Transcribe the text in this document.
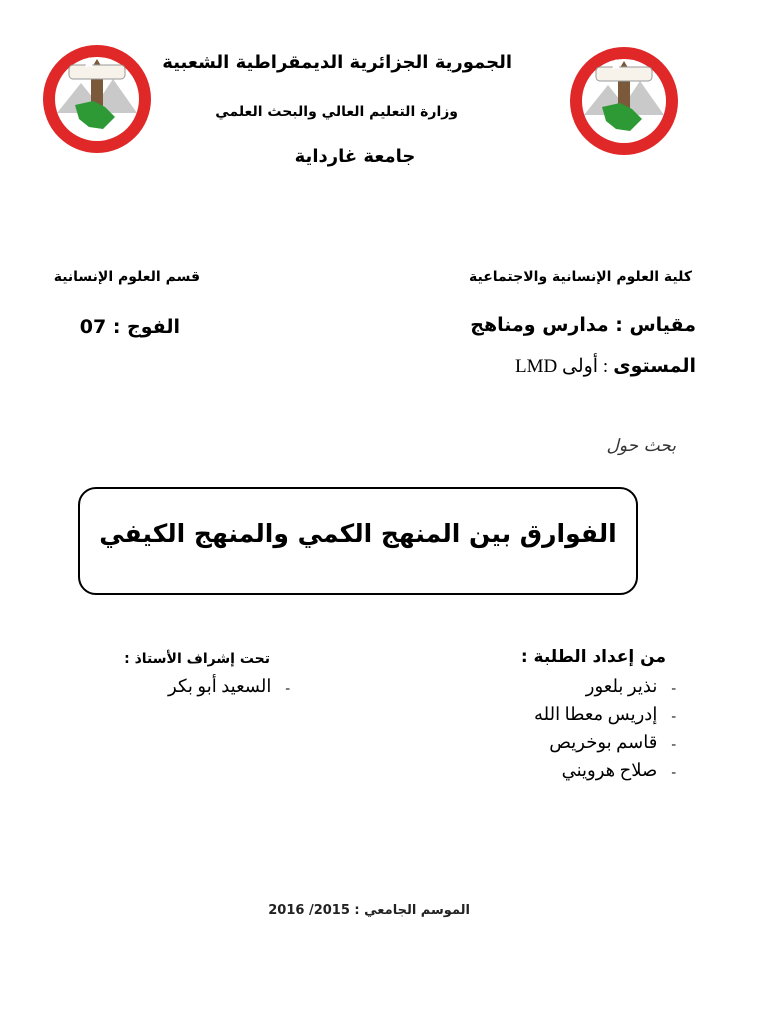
الجمورية الجزائرية الديمقراطية الشعبية
وزارة التعليم العالي والبحث العلمي
جامعة غارداية
كلية العلوم الإنسانية والاجتماعية
قسم العلوم الإنسانية
مقياس : مدارس ومناهج
الفوج : 07
المستوى : أولى LMD
بحث حول
الفوارق بين المنهج الكمي والمنهج الكيفي
من إعداد الطلبة :
-نذير بلعور
-إدريس معطا الله
-قاسم بوخريص
-صلاح هرويني
تحت إشراف الأستاذ :
-السعيد أبو بكر
الموسم الجامعي : 2015/ 2016
